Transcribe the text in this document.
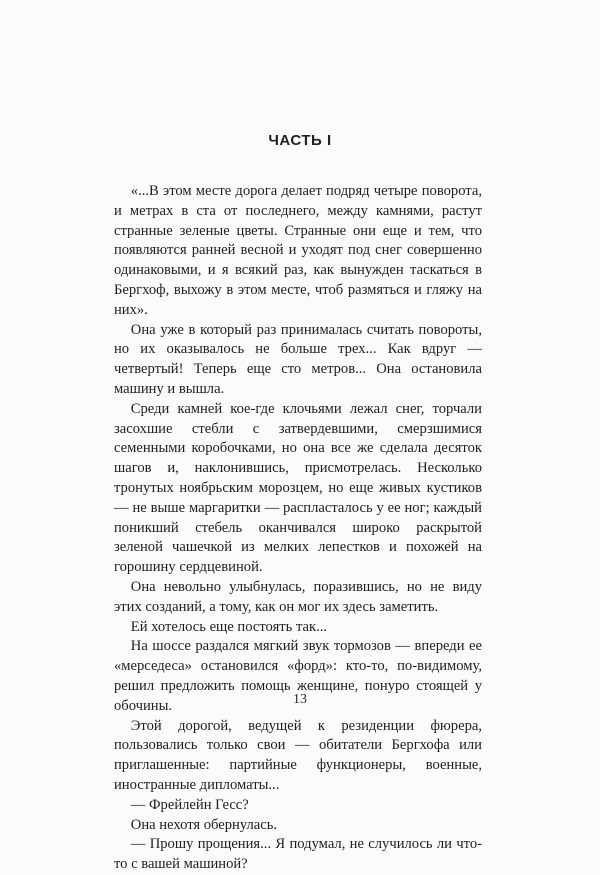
ЧАСТЬ I

«...В этом месте дорога делает подряд четыре поворота, и метрах в ста от последнего, между камнями, растут странные зеленые цветы. Странные они еще и тем, что появляются ранней весной и уходят под снег совершенно одинаковыми, и я всякий раз, как вынужден таскаться в Бергхоф, выхожу в этом месте, чтоб размяться и гляжу на них».

Она уже в который раз принималась считать повороты, но их оказывалось не больше трех... Как вдруг — четвертый! Теперь еще сто метров... Она остановила машину и вышла.

Среди камней кое-где клочьями лежал снег, торчали засохшие стебли с затвердевшими, смерзшимися семенными коробочками, но она все же сделала десяток шагов и, наклонившись, присмотрелась. Несколько тронутых ноябрьским морозцем, но еще живых кустиков — не выше маргаритки — распласталось у ее ног; каждый поникший стебель оканчивался широко раскрытой зеленой чашечкой из мелких лепестков и похожей на горошину сердцевиной.

Она невольно улыбнулась, поразившись, но не виду этих созданий, а тому, как он мог их здесь заметить.

Ей хотелось еще постоять так...

На шоссе раздался мягкий звук тормозов — впереди ее «мерседеса» остановился «форд»: кто-то, по-видимому, решил предложить помощь женщине, понуро стоящей у обочины.

Этой дорогой, ведущей к резиденции фюрера, пользовались только свои — обитатели Бергхофа или приглашенные: партийные функционеры, военные, иностранные дипломаты...

— Фрейлейн Гесс?

Она нехотя обернулась.

— Прошу прощения... Я подумал, не случилось ли что-то с вашей машиной?

13
